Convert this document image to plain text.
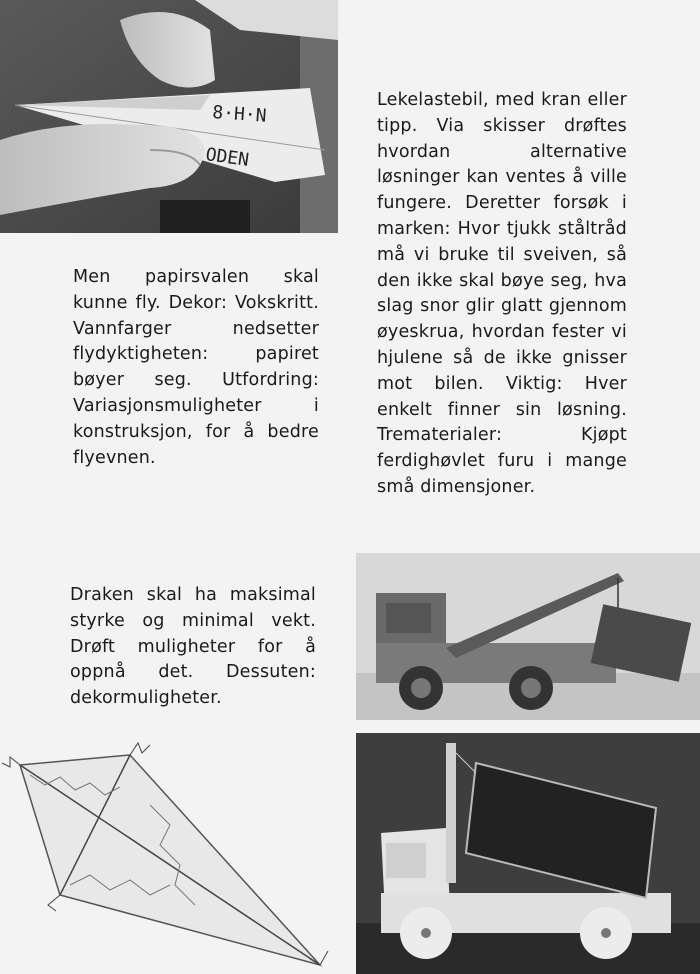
8·H·N
ODEN

Men papirsvalen skal kunne fly. Dekor: Vokskritt. Vannfarger nedsetter flydyktigheten: papiret bøyer seg. Utfordring: Variasjonsmuligheter i konstruksjon, for å bedre flyevnen.

Draken skal ha maksimal styrke og minimal vekt. Drøft muligheter for å oppnå det. Dessuten: dekormuligheter.

Lekelastebil, med kran eller tipp. Via skisser drøftes hvordan alternative løsninger kan ventes å ville fungere. Deretter forsøk i marken: Hvor tjukk ståltråd må vi bruke til sveiven, så den ikke skal bøye seg, hva slag snor glir glatt gjennom øyeskrua, hvordan fester vi hjulene så de ikke gnisser mot bilen. Viktig: Hver enkelt finner sin løsning. Trematerialer: Kjøpt ferdighøvlet furu i mange små dimensjoner.
